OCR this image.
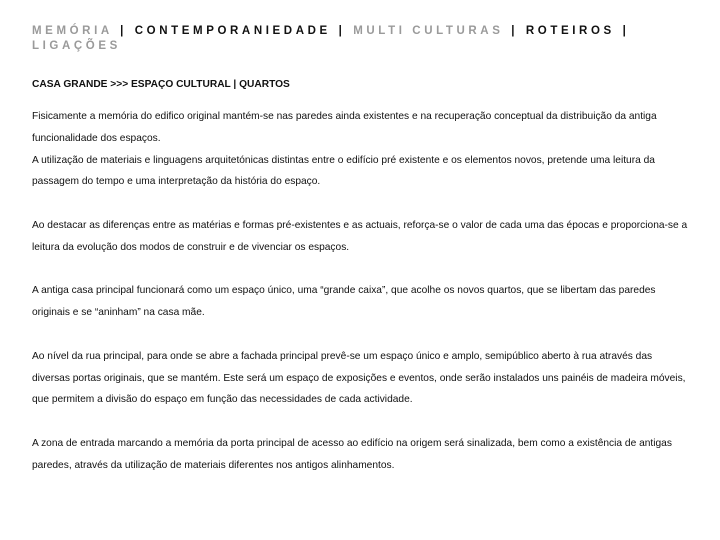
MEMÓRIA | CONTEMPORANIEDADE | MULTI CULTURAS | ROTEIROS | LIGAÇÕES
CASA GRANDE >>> ESPAÇO CULTURAL | QUARTOS

Fisicamente a memória do edifico original mantém-se nas paredes ainda existentes e na recuperação conceptual da distribuição da antiga funcionalidade dos espaços.

A utilização de materiais e linguagens arquitetónicas distintas entre o edifício pré existente e os elementos novos, pretende uma leitura da passagem do tempo e uma interpretação da história do espaço.

Ao destacar as diferenças entre as matérias e formas pré-existentes e as actuais, reforça-se o valor de cada uma das épocas e proporciona-se a leitura da evolução dos modos de construir e de vivenciar os espaços.

A antiga casa principal funcionará como um espaço único, uma “grande caixa”, que acolhe os novos quartos, que se libertam das paredes originais e se “aninham” na casa mãe.

Ao nível da rua principal, para onde se abre a fachada principal prevê-se um espaço único e amplo, semipúblico aberto à rua através das diversas portas originais, que se mantém. Este será um espaço de exposições e eventos, onde serão instalados uns painéis de madeira móveis, que permitem a divisão do espaço em função das necessidades de cada actividade.

A zona de entrada marcando a memória da porta principal de acesso ao edifício na origem será sinalizada, bem como a existência de antigas paredes, através da utilização de materiais diferentes nos antigos alinhamentos.
